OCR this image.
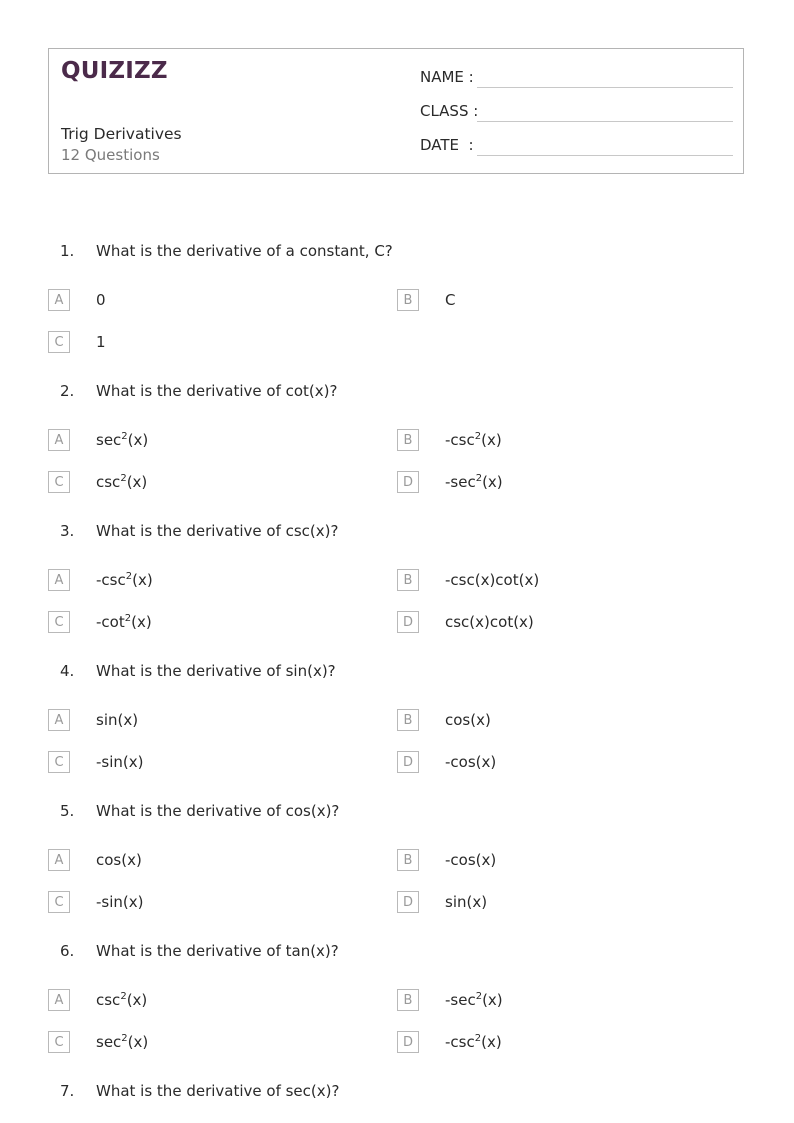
QUIZIZZ
Trig Derivatives
12 Questions
NAME :
CLASS :
DATE  :
1. What is the derivative of a constant, C?
A	0	B	C
C	1
2. What is the derivative of cot(x)?
A	$\sec^2(x)$	B	$-\csc^2(x)$
C	$\csc^2(x)$	D	$-\sec^2(x)$
3. What is the derivative of csc(x)?
A	$-\csc^2(x)$	B	-csc(x)cot(x)
C	$-\cot^2(x)$	D	csc(x)cot(x)
4. What is the derivative of sin(x)?
A	sin(x)	B	cos(x)
C	-sin(x)	D	-cos(x)
5. What is the derivative of cos(x)?
A	cos(x)	B	-cos(x)
C	-sin(x)	D	sin(x)
6. What is the derivative of tan(x)?
A	$\csc^2(x)$	B	$-\sec^2(x)$
C	$\sec^2(x)$	D	$-\csc^2(x)$
7. What is the derivative of sec(x)?
